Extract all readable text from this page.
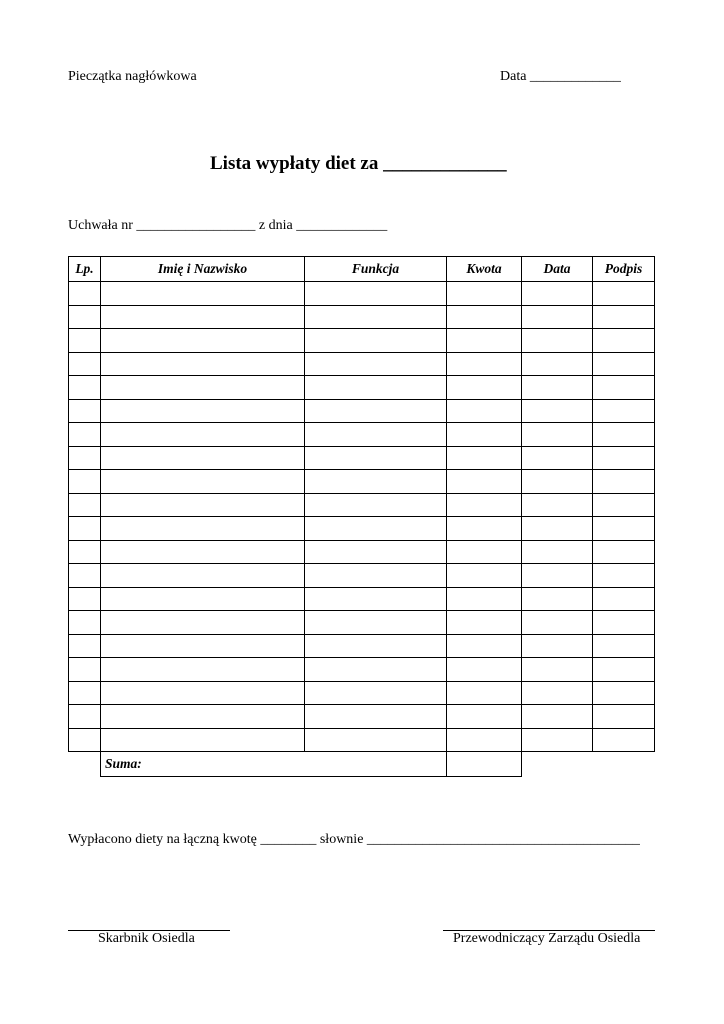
Pieczątka nagłówkowa	Data _____________
Lista wypłaty diet za _____________
Uchwała nr _________________ z dnia _____________
Lp.	Imię i Nazwisko	Funkcja	Kwota	Data	Podpis

	Suma:				
Wypłacono diety na łączną kwotę ________ słownie _______________________________________
Skarbnik Osiedla	Przewodniczący Zarządu Osiedla
